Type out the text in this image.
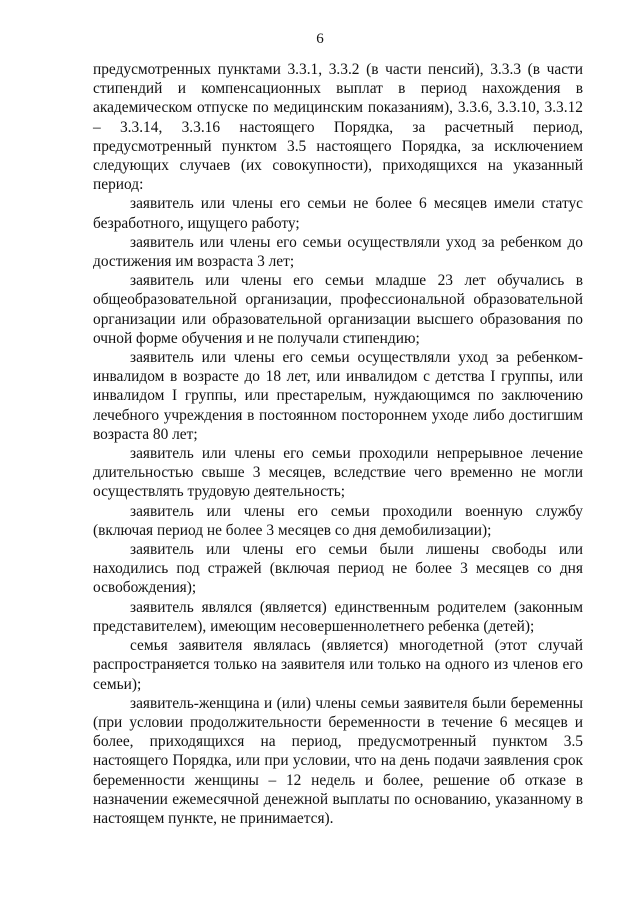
6

предусмотренных пунктами 3.3.1, 3.3.2 (в части пенсий), 3.3.3 (в части стипендий и компенсационных выплат в период нахождения в академическом отпуске по медицинским показаниям), 3.3.6, 3.3.10, 3.3.12 – 3.3.14, 3.3.16 настоящего Порядка, за расчетный период, предусмотренный пунктом 3.5 настоящего Порядка, за исключением следующих случаев (их совокупности), приходящихся на указанный период:

заявитель или члены его семьи не более 6 месяцев имели статус безработного, ищущего работу;

заявитель или члены его семьи осуществляли уход за ребенком до достижения им возраста 3 лет;

заявитель или члены его семьи младше 23 лет обучались в общеобразовательной организации, профессиональной образовательной организации или образовательной организации высшего образования по очной форме обучения и не получали стипендию;

заявитель или члены его семьи осуществляли уход за ребенком-инвалидом в возрасте до 18 лет, или инвалидом с детства I группы, или инвалидом I группы, или престарелым, нуждающимся по заключению лечебного учреждения в постоянном постороннем уходе либо достигшим возраста 80 лет;

заявитель или члены его семьи проходили непрерывное лечение длительностью свыше 3 месяцев, вследствие чего временно не могли осуществлять трудовую деятельность;

заявитель или члены его семьи проходили военную службу (включая период не более 3 месяцев со дня демобилизации);

заявитель или члены его семьи были лишены свободы или находились под стражей (включая период не более 3 месяцев со дня освобождения);

заявитель являлся (является) единственным родителем (законным представителем), имеющим несовершеннолетнего ребенка (детей);

семья заявителя являлась (является) многодетной (этот случай распространяется только на заявителя или только на одного из членов его семьи);

заявитель-женщина и (или) члены семьи заявителя были беременны (при условии продолжительности беременности в течение 6 месяцев и более, приходящихся на период, предусмотренный пунктом 3.5 настоящего Порядка, или при условии, что на день подачи заявления срок беременности женщины – 12 недель и более, решение об отказе в назначении ежемесячной денежной выплаты по основанию, указанному в настоящем пункте, не принимается).
